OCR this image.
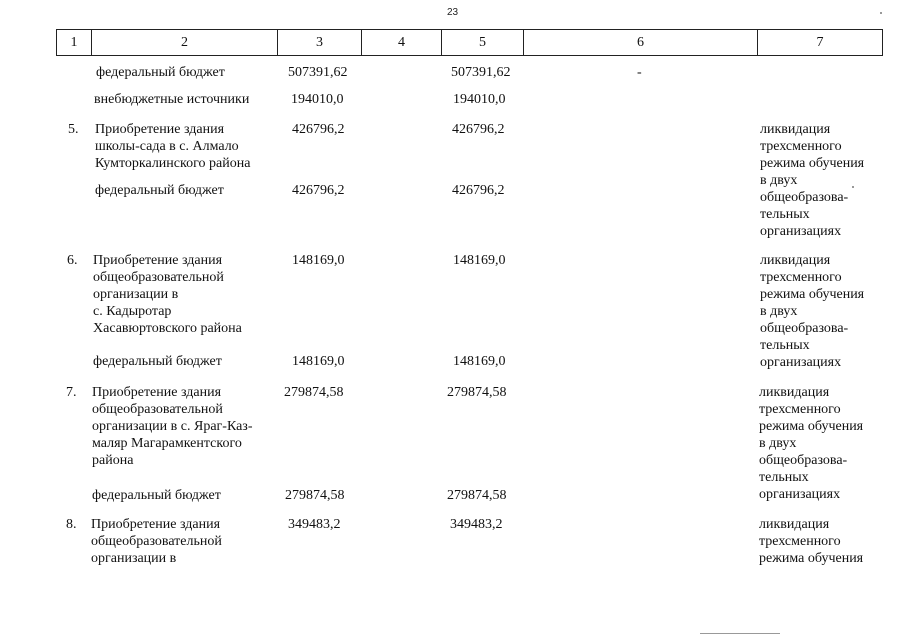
23
1	2	3	4	5	6	7
федеральный бюджет	507391,62	507391,62	-
внебюджетные источники	194010,0	194010,0
5. Приобретение здания
школы-сада в с. Алмало
Кумторкалинского района
426796,2	426796,2	ликвидация
трехсменного
режима обучения
в двух
общеобразова-
тельных
организациях
федеральный бюджет	426796,2	426796,2
6. Приобретение здания
общеобразовательной
организации в
с. Кадыротар
Хасавюртовского района
148169,0	148169,0	ликвидация
трехсменного
режима обучения
в двух
общеобразова-
тельных
организациях
федеральный бюджет	148169,0	148169,0
7. Приобретение здания
общеобразовательной
организации в с. Яраг-Каз-
маляр Магарамкентского
района
279874,58	279874,58	ликвидация
трехсменного
режима обучения
в двух
общеобразова-
тельных
организациях
федеральный бюджет	279874,58	279874,58
8. Приобретение здания
общеобразовательной
организации в
349483,2	349483,2	ликвидация
трехсменного
режима обучения
